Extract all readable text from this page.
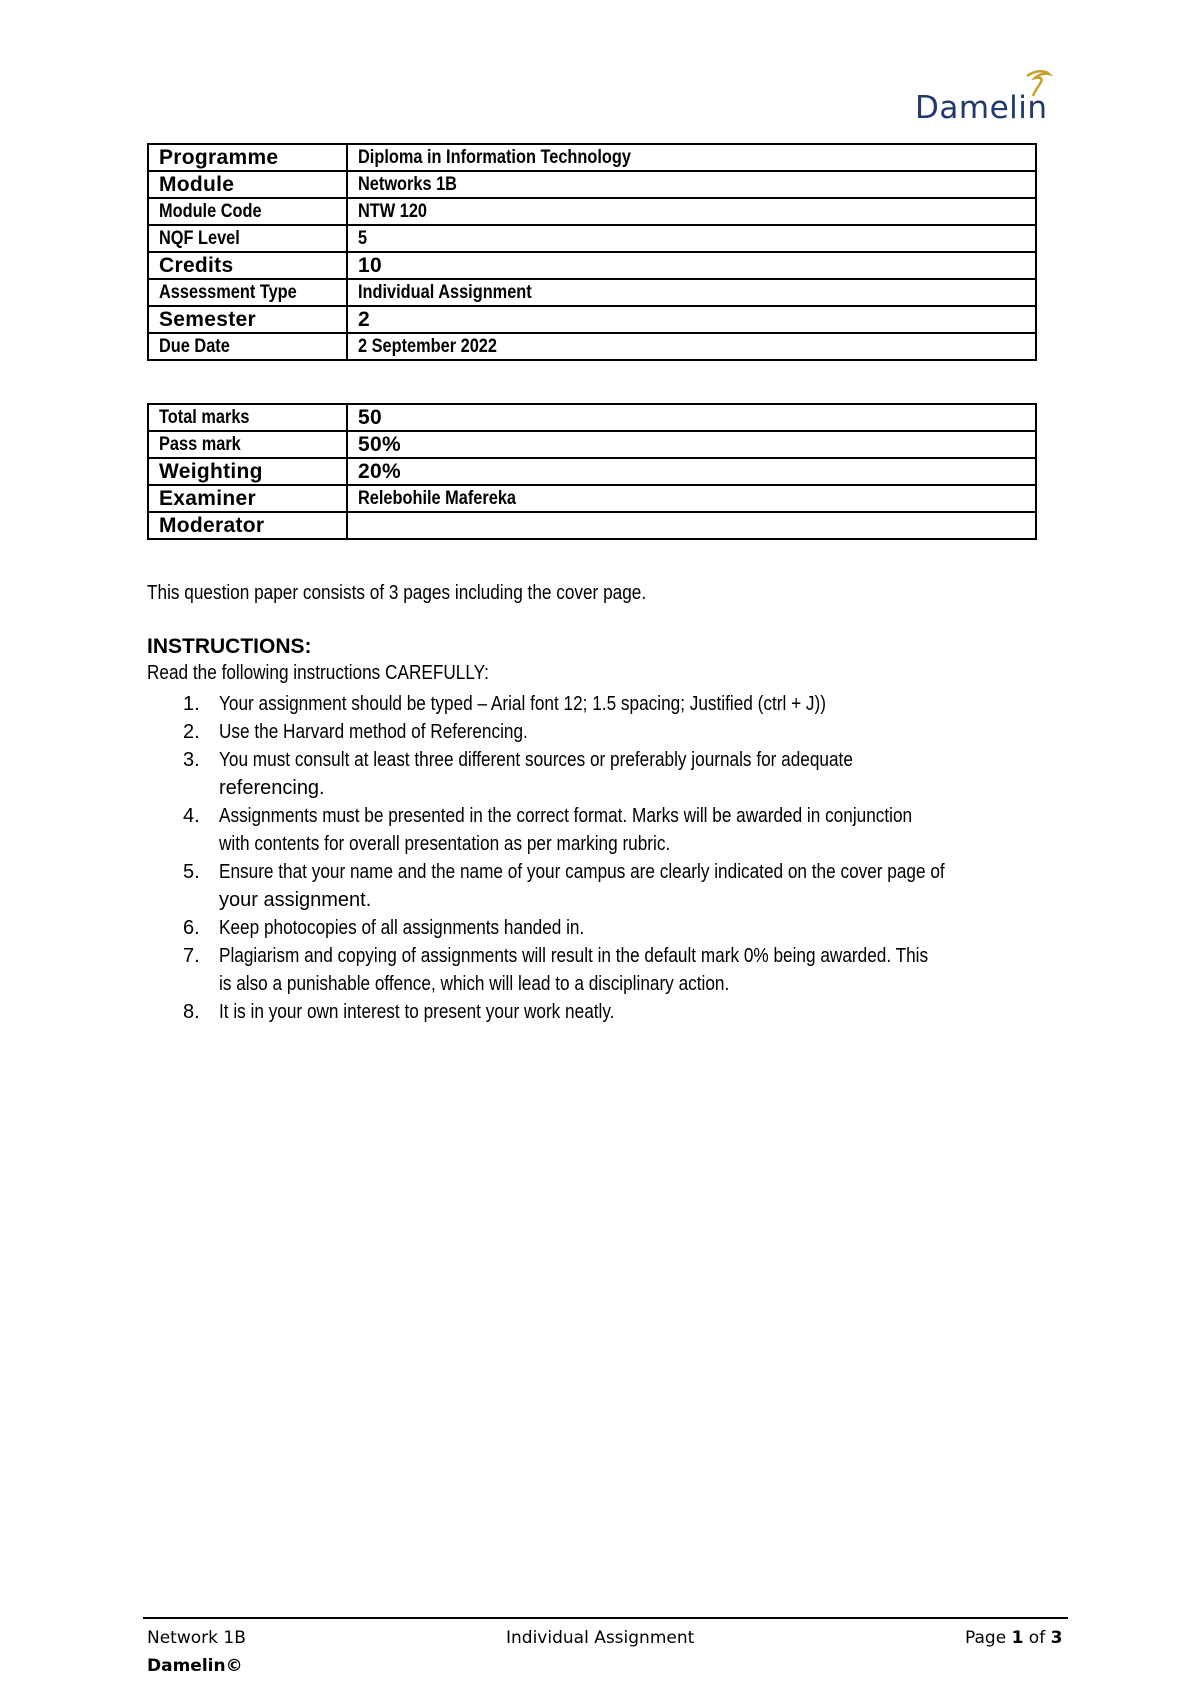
Damelin
Programme	Diploma in Information Technology
Module	Networks 1B
Module Code	NTW 120
NQF Level	5
Credits	10
Assessment Type	Individual Assignment
Semester	2
Due Date	2 September 2022
Total marks	50
Pass mark	50%
Weighting	20%
Examiner	Relebohile Mafereka
Moderator	
This question paper consists of 3 pages including the cover page.
INSTRUCTIONS:
Read the following instructions CAREFULLY:
1. Your assignment should be typed – Arial font 12; 1.5 spacing; Justified (ctrl + J))
2. Use the Harvard method of Referencing.
3. You must consult at least three different sources or preferably journals for adequate
referencing.
4. Assignments must be presented in the correct format. Marks will be awarded in conjunction
with contents for overall presentation as per marking rubric.
5. Ensure that your name and the name of your campus are clearly indicated on the cover page of
your assignment.
6. Keep photocopies of all assignments handed in.
7. Plagiarism and copying of assignments will result in the default mark 0% being awarded. This
is also a punishable offence, which will lead to a disciplinary action.
8. It is in your own interest to present your work neatly.
Network 1B	Individual Assignment	Page 1 of 3
Damelin©
